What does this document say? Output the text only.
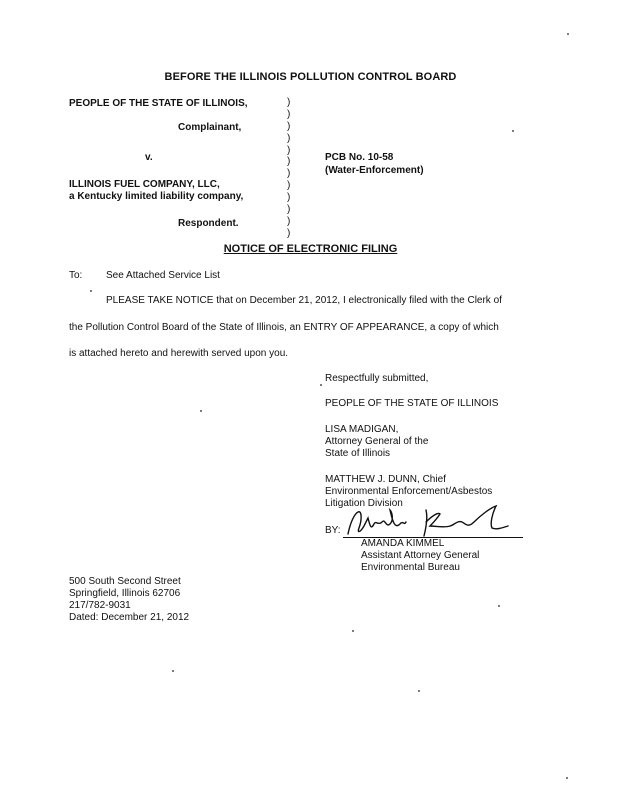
BEFORE THE ILLINOIS POLLUTION CONTROL BOARD
PEOPLE OF THE STATE OF ILLINOIS,
Complainant,
v.
ILLINOIS FUEL COMPANY, LLC,
a Kentucky limited liability company,
Respondent.
)
)
)
)
)
)
)
)
)
)
)
)
PCB No. 10-58
(Water-Enforcement)
NOTICE OF ELECTRONIC FILING
To: See Attached Service List
PLEASE TAKE NOTICE that on December 21, 2012, I electronically filed with the Clerk of
the Pollution Control Board of the State of Illinois, an ENTRY OF APPEARANCE, a copy of which
is attached hereto and herewith served upon you.
Respectfully submitted,
PEOPLE OF THE STATE OF ILLINOIS
LISA MADIGAN,
Attorney General of the
State of Illinois
MATTHEW J. DUNN, Chief
Environmental Enforcement/Asbestos
Litigation Division
BY:
AMANDA KIMMEL
Assistant Attorney General
Environmental Bureau
500 South Second Street
Springfield, Illinois 62706
217/782-9031
Dated: December 21, 2012
